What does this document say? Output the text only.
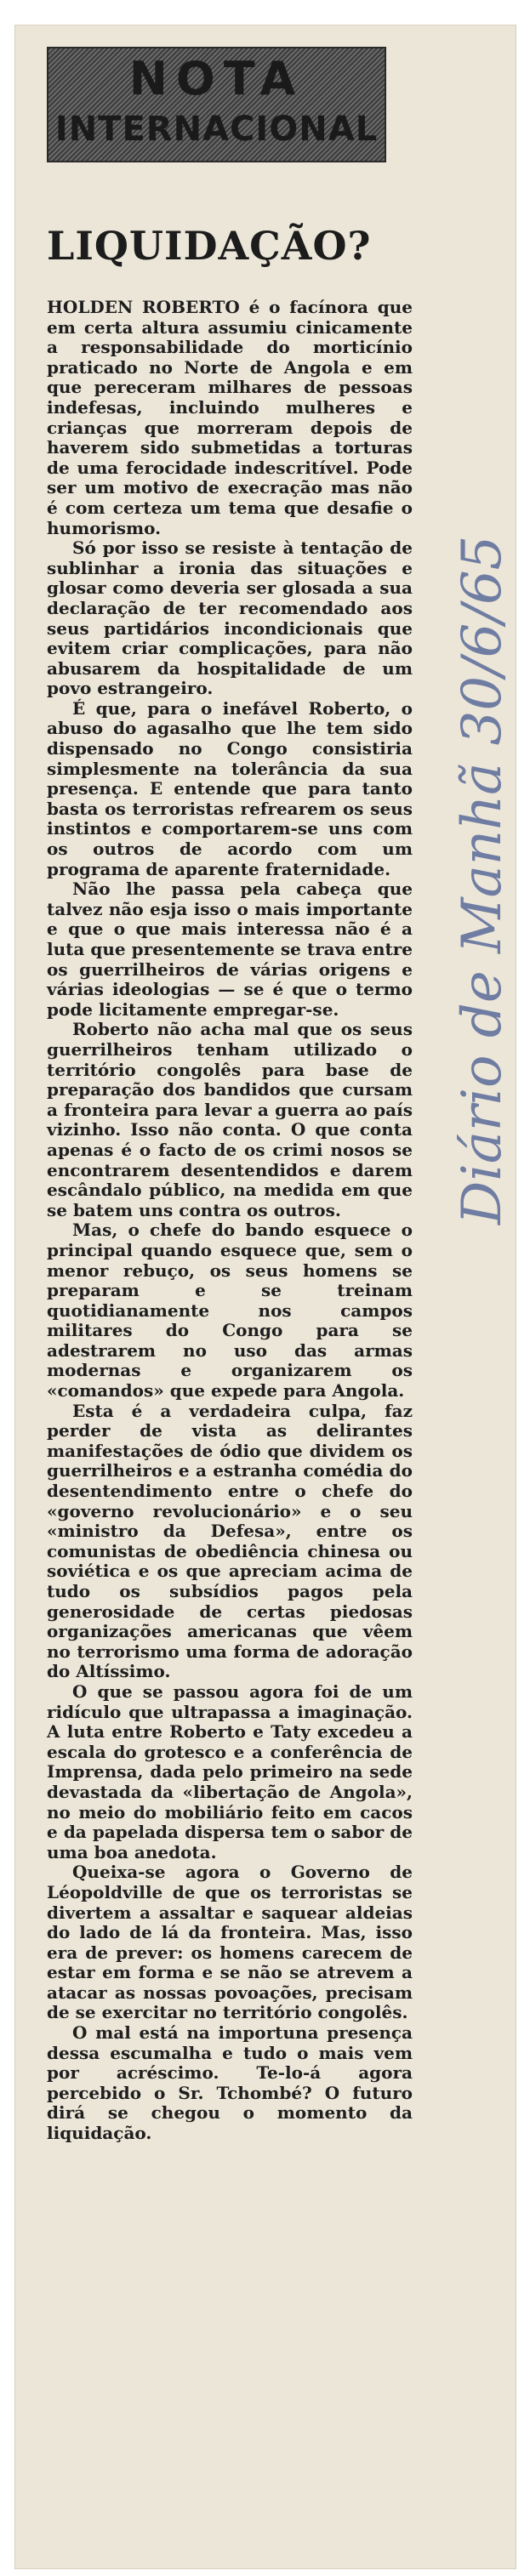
NOTA
INTERNACIONAL
LIQUIDAÇÃO?

HOLDEN ROBERTO é o facínora que em certa altura assumiu cinicamente a responsabilidade do morticínio praticado no Norte de Angola e em que pereceram milhares de pessoas indefesas, incluindo mulheres e crianças que morreram depois de haverem sido submetidas a torturas de uma ferocidade indescritível. Pode ser um motivo de execração mas não é com certeza um tema que desafie o humorismo.

Só por isso se resiste à tentação de sublinhar a ironia das situações e glosar como deveria ser glosada a sua declaração de ter recomendado aos seus partidários incondicionais que evitem criar complicações, para não abusarem da hospitalidade de um povo estrangeiro.

É que, para o inefável Roberto, o abuso do agasalho que lhe tem sido dispensado no Congo consistiria simplesmente na tolerância da sua presença. E entende que para tanto basta os terroristas refrearem os seus instintos e comportarem-se uns com os outros de acordo com um programa de aparente fraternidade.

Não lhe passa pela cabeça que talvez não esja isso o mais importante e que o que mais interessa não é a luta que presentemente se trava entre os guerrilheiros de várias origens e várias ideologias — se é que o termo pode licitamente empregar-se.

Roberto não acha mal que os seus guerrilheiros tenham utilizado o território congolês para base de preparação dos bandidos que cursam a fronteira para levar a guerra ao país vizinho. Isso não conta. O que conta apenas é o facto de os crimi nosos se encontrarem desentendidos e darem escândalo público, na medida em que se batem uns contra os outros.

Mas, o chefe do bando esquece o principal quando esquece que, sem o menor rebuço, os seus homens se preparam e se treinam quotidianamente nos campos militares do Congo para se adestrarem no uso das armas modernas e organizarem os «comandos» que expede para Angola.

Esta é a verdadeira culpa, faz perder de vista as delirantes manifestações de ódio que dividem os guerrilheiros e a estranha comédia do desentendimento entre o chefe do «governo revolucionário» e o seu «ministro da Defesa», entre os comunistas de obediência chinesa ou soviética e os que apreciam acima de tudo os subsídios pagos pela generosidade de certas piedosas organizações americanas que vêem no terrorismo uma forma de adoração do Altíssimo.

O que se passou agora foi de um ridículo que ultrapassa a imaginação. A luta entre Roberto e Taty excedeu a escala do grotesco e a conferência de Imprensa, dada pelo primeiro na sede devastada da «libertação de Angola», no meio do mobiliário feito em cacos e da papelada dispersa tem o sabor de uma boa anedota.

Queixa-se agora o Governo de Léopoldville de que os terroristas se divertem a assaltar e saquear aldeias do lado de lá da fronteira. Mas, isso era de prever: os homens carecem de estar em forma e se não se atrevem a atacar as nossas povoações, precisam de se exercitar no território congolês.

O mal está na importuna presença dessa escumalha e tudo o mais vem por acréscimo. Te-lo-á agora percebido o Sr. Tchombé? O futuro dirá se chegou o momento da liquidação.

Diário de Manhã 30/6/65
